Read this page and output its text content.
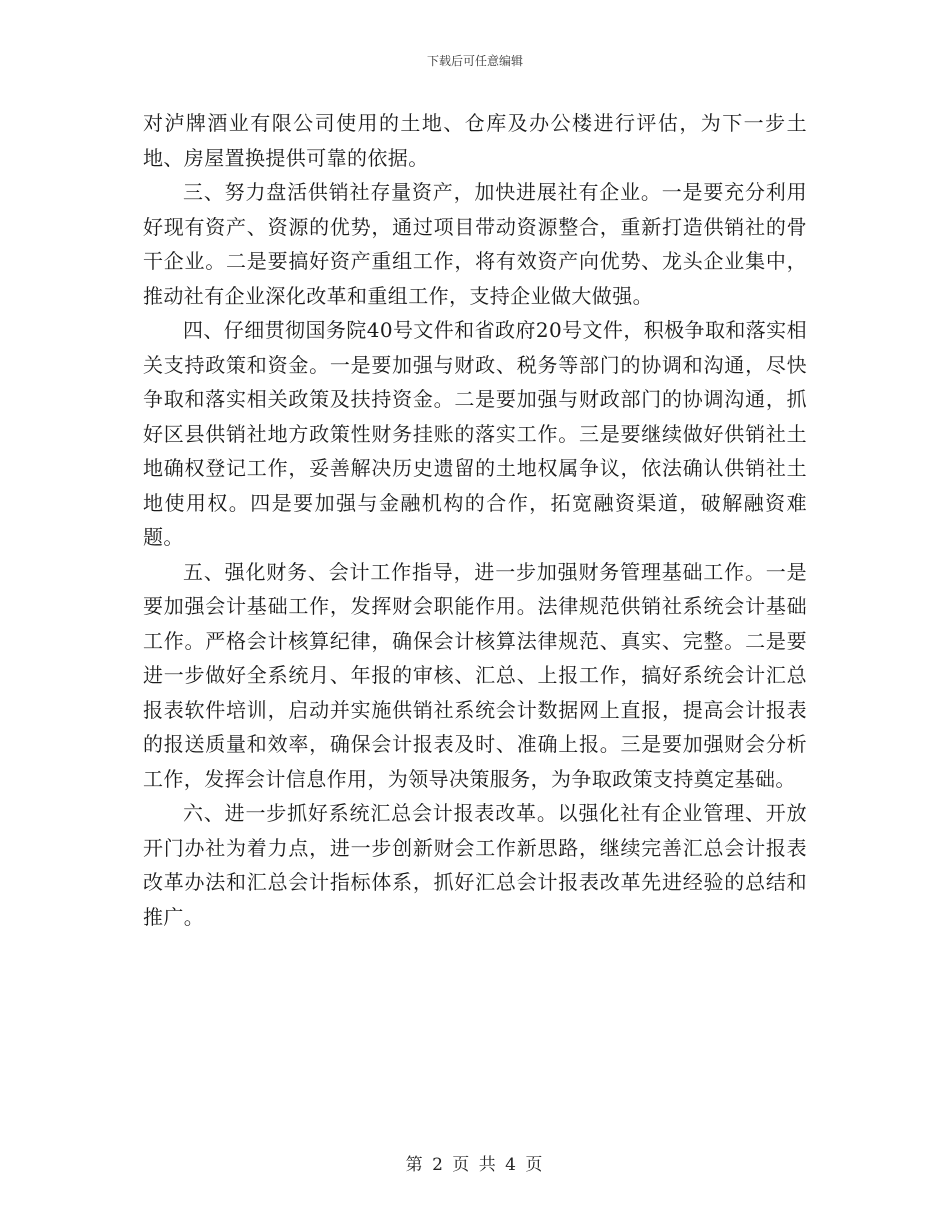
下载后可任意编辑

对泸牌酒业有限公司使用的土地、仓库及办公楼进行评估，为下一步土地、房屋置换提供可靠的依据。

三、努力盘活供销社存量资产，加快进展社有企业。一是要充分利用好现有资产、资源的优势，通过项目带动资源整合，重新打造供销社的骨干企业。二是要搞好资产重组工作，将有效资产向优势、龙头企业集中，推动社有企业深化改革和重组工作，支持企业做大做强。

四、仔细贯彻国务院40号文件和省政府20号文件，积极争取和落实相关支持政策和资金。一是要加强与财政、税务等部门的协调和沟通，尽快争取和落实相关政策及扶持资金。二是要加强与财政部门的协调沟通，抓好区县供销社地方政策性财务挂账的落实工作。三是要继续做好供销社土地确权登记工作，妥善解决历史遗留的土地权属争议，依法确认供销社土地使用权。四是要加强与金融机构的合作，拓宽融资渠道，破解融资难题。

五、强化财务、会计工作指导，进一步加强财务管理基础工作。一是要加强会计基础工作，发挥财会职能作用。法律规范供销社系统会计基础工作。严格会计核算纪律，确保会计核算法律规范、真实、完整。二是要进一步做好全系统月、年报的审核、汇总、上报工作，搞好系统会计汇总报表软件培训，启动并实施供销社系统会计数据网上直报，提高会计报表的报送质量和效率，确保会计报表及时、准确上报。三是要加强财会分析工作，发挥会计信息作用，为领导决策服务，为争取政策支持奠定基础。

六、进一步抓好系统汇总会计报表改革。以强化社有企业管理、开放开门办社为着力点，进一步创新财会工作新思路，继续完善汇总会计报表改革办法和汇总会计指标体系，抓好汇总会计报表改革先进经验的总结和推广。

第 2 页 共 4 页
